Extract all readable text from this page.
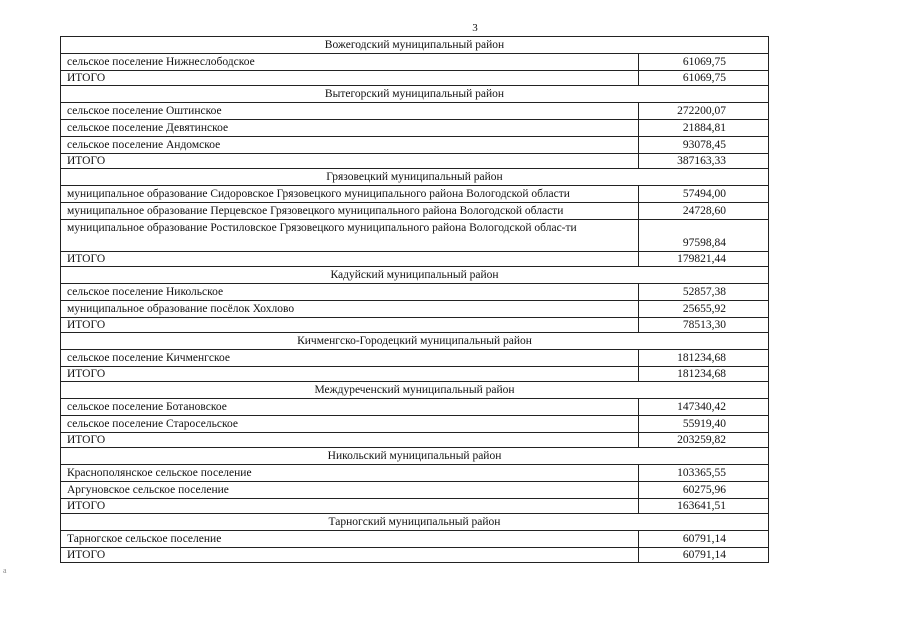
3
Вожегодский муниципальный район	
сельское поселение Нижнеслободское	61069,75
ИТОГО	61069,75
Вытегорский муниципальный район	
сельское поселение Оштинское	272200,07
сельское поселение Девятинское	21884,81
сельское поселение Андомское	93078,45
ИТОГО	387163,33
Грязовецкий муниципальный район	
муниципальное образование Сидоровское Грязовецкого муниципального района Вологодской области	57494,00
муниципальное образование Перцевское Грязовецкого муниципального района Вологодской области	24728,60
муниципальное образование Ростиловское Грязовецкого муниципального района Вологодской облас-ти	97598,84
ИТОГО	179821,44
Кадуйский муниципальный район	
сельское поселение Никольское	52857,38
муниципальное образование посёлок Хохлово	25655,92
ИТОГО	78513,30
Кичменгско-Городецкий муниципальный район	
сельское поселение Кичменгское	181234,68
ИТОГО	181234,68
Междуреченский муниципальный район	
сельское поселение Ботановское	147340,42
сельское поселение Старосельское	55919,40
ИТОГО	203259,82
Никольский муниципальный район	
Краснополянское сельское поселение	103365,55
Аргуновское сельское поселение	60275,96
ИТОГО	163641,51
Тарногский муниципальный район	
Тарногское сельское поселение	60791,14
ИТОГО	60791,14
a
